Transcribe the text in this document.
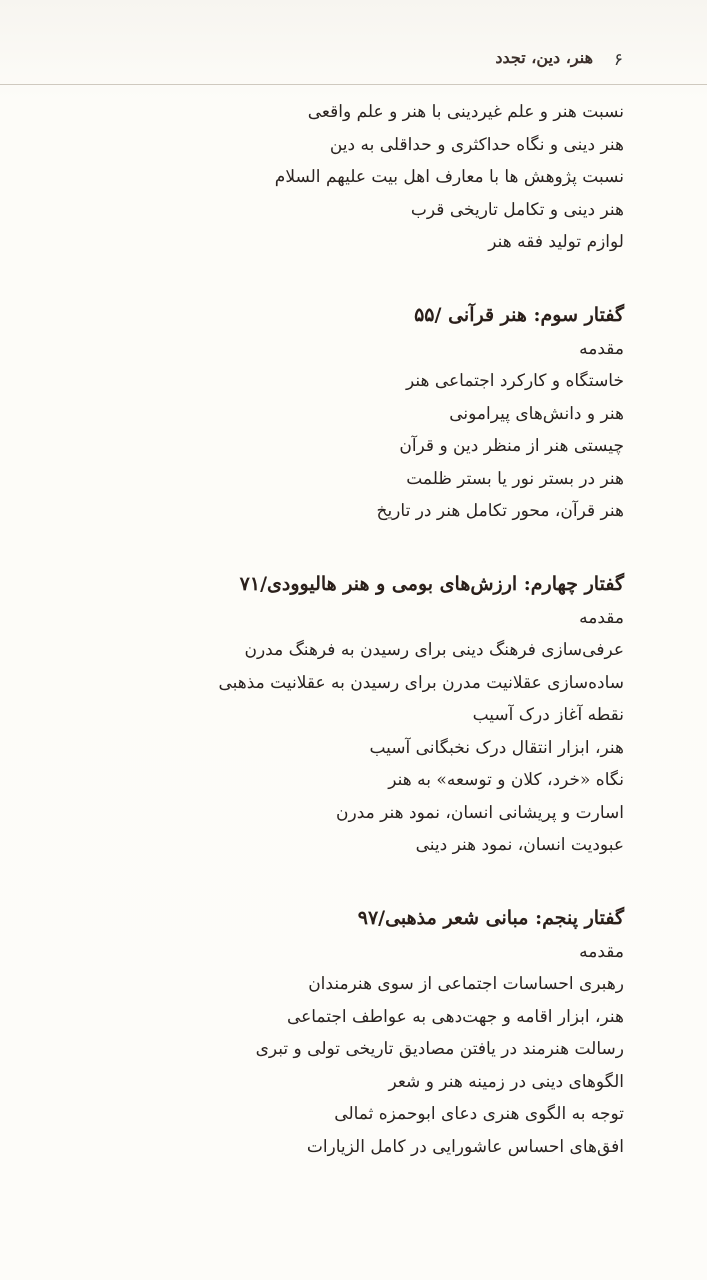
۶
هنر، دین، تجدد
نسبت هنر و علم غیردینی با هنر و علم واقعی
هنر دینی و نگاه حداکثری و حداقلی به دین
نسبت پژوهش ها با معارف اهل بیت علیهم السلام
هنر دینی و تکامل تاریخی قرب
لوازم تولید فقه هنر
گفتار سوم: هنر قرآنی /۵۵
مقدمه
خاستگاه و کارکرد اجتماعی هنر
هنر و دانش‌های پیرامونی
چیستی هنر از منظر دین و قرآن
هنر در بستر نور یا بستر ظلمت
هنر قرآن، محور تکامل هنر در تاریخ
گفتار چهارم: ارزش‌های بومی و هنر هالیوودی/۷۱
مقدمه
عرفی‌سازی فرهنگ دینی برای رسیدن به فرهنگ مدرن
ساده‌سازی عقلانیت مدرن برای رسیدن به عقلانیت مذهبی
نقطه آغاز درک آسیب
هنر، ابزار انتقال درک نخبگانی آسیب
نگاه «خرد، کلان و توسعه» به هنر
اسارت و پریشانی انسان، نمود هنر مدرن
عبودیت انسان، نمود هنر دینی
گفتار پنجم: مبانی شعر مذهبی/۹۷
مقدمه
رهبری احساسات اجتماعی از سوی هنرمندان
هنر، ابزار اقامه و جهت‌دهی به عواطف اجتماعی
رسالت هنرمند در یافتن مصادیق تاریخی تولی و تبری
الگوهای دینی در زمینه هنر و شعر
توجه به الگوی هنری دعای ابوحمزه ثمالی
افق‌های احساس عاشورایی در کامل الزیارات
